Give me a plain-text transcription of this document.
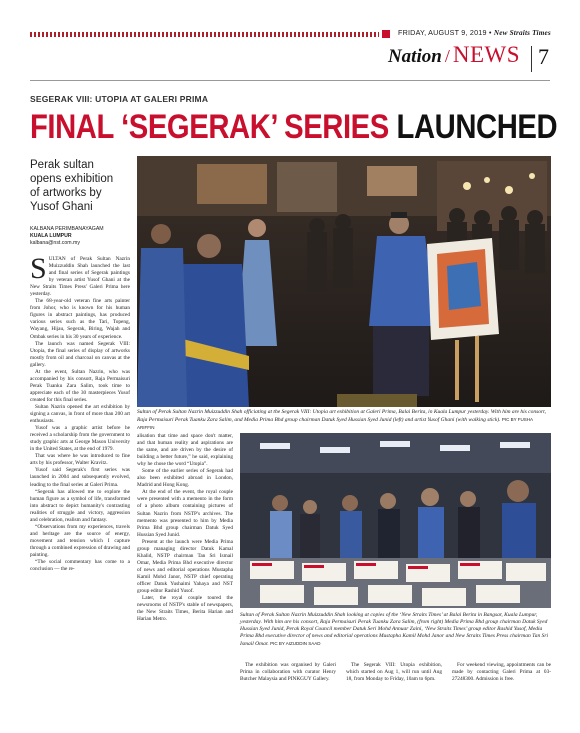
FRIDAY, AUGUST 9, 2019 • New Straits Times
Nation / NEWS 7
SEGERAK VIII: UTOPIA AT GALERI PRIMA
FINAL ‘SEGERAK’ SERIES LAUNCHED
Perak sultan opens exhibition of artworks by Yusof Ghani
KALBANA PERIMBANAYAGAM
KUALA LUMPUR
kalbana@nst.com.my

SULTAN of Perak Sultan Nazrin Muizzuddin Shah launched the last and final series of Segerak paintings by veteran artist Yusof Ghani at the New Straits Times Press' Galeri Prima here yesterday.

The 68-year-old veteran fine arts painter from Johor, who is known for his human figures in abstract paintings, has produced various series such as the Tari, Topeng, Wayang, Hijau, Segerak, Biring, Wajah and Ombak series in his 30 years of experience.

The launch was named Segerak VIII: Utopia, the final series of display of artworks mostly from oil and charcoal on canvas at the gallery.

At the event, Sultan Nazrin, who was accompanied by his consort, Raja Permaisuri Perak Tuanku Zara Salim, took time to appreciate each of the 30 masterpieces Yusof created for this final series.

Sultan Nazrin opened the art exhibition by signing a canvas, in front of more than 200 art enthusiasts.

Yusof was a graphic artist before he received a scholarship from the government to study graphic arts at George Mason University in the United States, at the end of 1979.

That was where he was introduced to fine arts by his professor, Walter Kravitz.

Yusof said Segerak's first series was launched in 2004 and subsequently evolved, leading to the final series at Galeri Prima.

“Segerak has allowed me to explore the human figure as a symbol of life, transformed into abstract to depict humanity's contrasting realities of struggle and victory, aggression and celebration, realism and fantasy.

“Observations from my experiences, travels and heritage are the source of energy, movement and tension which I capture through a combined expression of drawing and painting.

“The social commentary has come to a conclusion — the re-

Sultan of Perak Sultan Nazrin Muizzuddin Shah officiating at the Segerak VIII: Utopia art exhibition at Galeri Prima, Balai Berita, in Kuala Lumpur yesterday. With him are his consort, Raja Permaisuri Perak Tuanku Zara Salim, and Media Prima Bhd group chairman Datuk Syed Hussian Syed Junid (left) and artist Yusof Ghani (with walking stick). PIC BY FUSHA ARIFFIN

alisation that time and space don't matter, and that human reality and aspirations are the same, and are driven by the desire of building a better future,” he said, explaining why he chose the word “Utopia”.

Some of the earlier series of Segerak had also been exhibited abroad in London, Madrid and Hong Kong.

At the end of the event, the royal couple were presented with a memento in the form of a photo album containing pictures of Sultan Nazrin from NSTP's archives. The memento was presented to him by Media Prima Bhd group chairman Datuk Syed Hussian Syed Junid.

Present at the launch were Media Prima group managing director Datuk Kamal Khalid, NSTP chairman Tan Sri Ismail Omar, Media Prima Bhd executive director of news and editorial operations Mustapha Kamil Mohd Janor, NSTP chief operating officer Datuk Yushaimi Yahaya and NST group editor Rashid Yusof.

Later, the royal couple toured the newsrooms of NSTP's stable of newspapers, the New Straits Times, Berita Harian and Harian Metro.

Sultan of Perak Sultan Nazrin Muizzuddin Shah looking at copies of the ‘New Straits Times’ at Balai Berita in Bangsar, Kuala Lumpur, yesterday. With him are his consort, Raja Permaisuri Perak Tuanku Zara Salim, (from right) Media Prima Bhd group chairman Datuk Syed Hussian Syed Junid, Perak Royal Council member Datuk Seri Mohd Annuar Zaini, ‘New Straits Times’ group editor Rashid Yusof, Media Prima Bhd executive director of news and editorial operations Mustapha Kamil Mohd Janor and New Straits Times Press chairman Tan Sri Ismail Omar. PIC BY AIZUDDIN SAAD

The exhibition was organised by Galeri Prima in collaboration with curator Henry Butcher Malaysia and PINKGUY Gallery.

The Segerak VIII: Utopia exhibition, which started on Aug 1, will run until Aug 18, from Monday to Friday, 10am to 6pm.

For weekend viewing, appointments can be made by contacting Galeri Prima at 03-27248300. Admission is free.
